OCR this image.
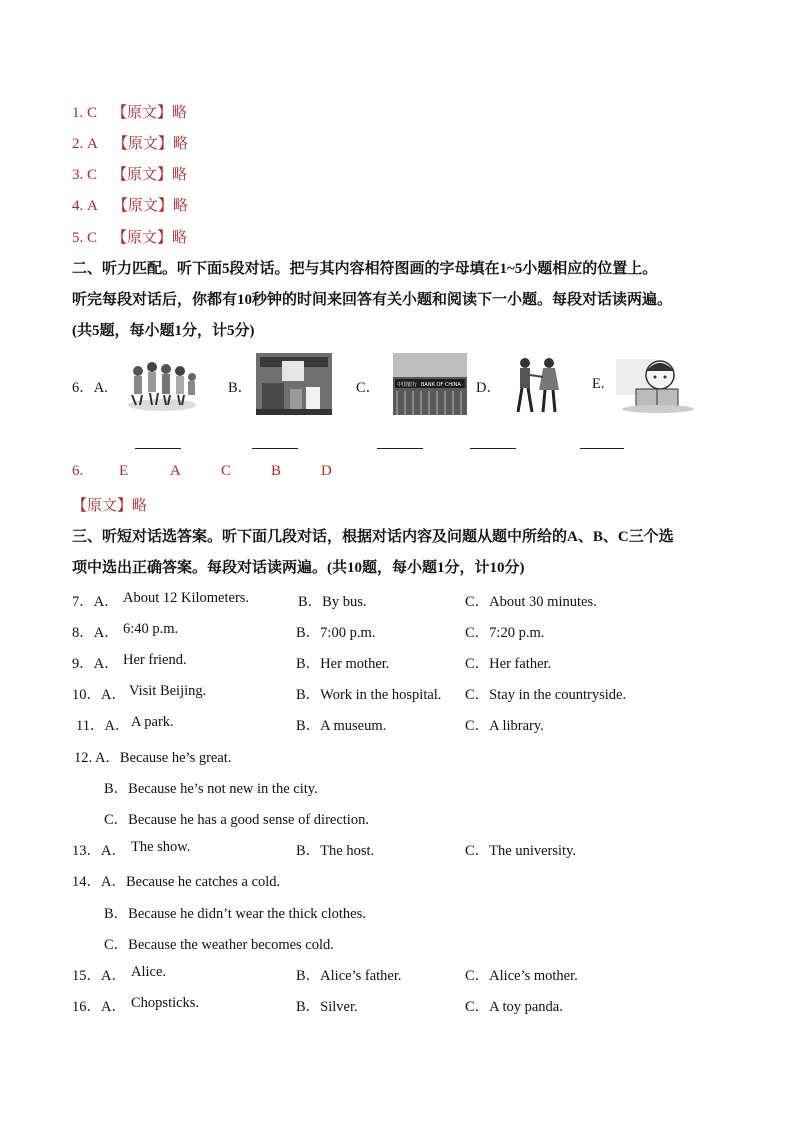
1. C 【原文】略
2. A 【原文】略
3. C 【原文】略
4. A 【原文】略
5. C 【原文】略
二、听力匹配。听下面5段对话。把与其内容相符图画的字母填在1~5小题相应的位置上。
听完每段对话后，你都有10秒钟的时间来回答有关小题和阅读下一小题。每段对话读两遍。
(共5题，每小题1分，计5分)
6．A.	B．	C．	中国银行 BANK OF CHINA D．	E.
6. E	A	C	B	D
【原文】略
三、听短对话选答案。听下面几段对话，根据对话内容及问题从题中所给的A、B、C三个选
项中选出正确答案。每段对话读两遍。(共10题，每小题1分，计10分)
7．A． About 12 Kilometers.	B．By bus.	C．About 30 minutes.
8．A． 6:40 p.m.	B．7:00 p.m.	C．7:20 p.m.
9．A． Her friend.	B．Her mother.	C．Her father.
10．A． Visit Beijing.	B．Work in the hospital. C．Stay in the countryside.
11．A． A park.	B．A museum.	C．A library.
12. A．Because he’s great.
B．Because he’s not new in the city.
C．Because he has a good sense of direction.
13．A． The show.	B．The host.	C．The university.
14．A．Because he catches a cold.
B．Because he didn’t wear the thick clothes.
C．Because the weather becomes cold.
15．A． Alice.	B．Alice’s father.	C．Alice’s mother.
16．A． Chopsticks.	B．Silver.	C．A toy panda.
